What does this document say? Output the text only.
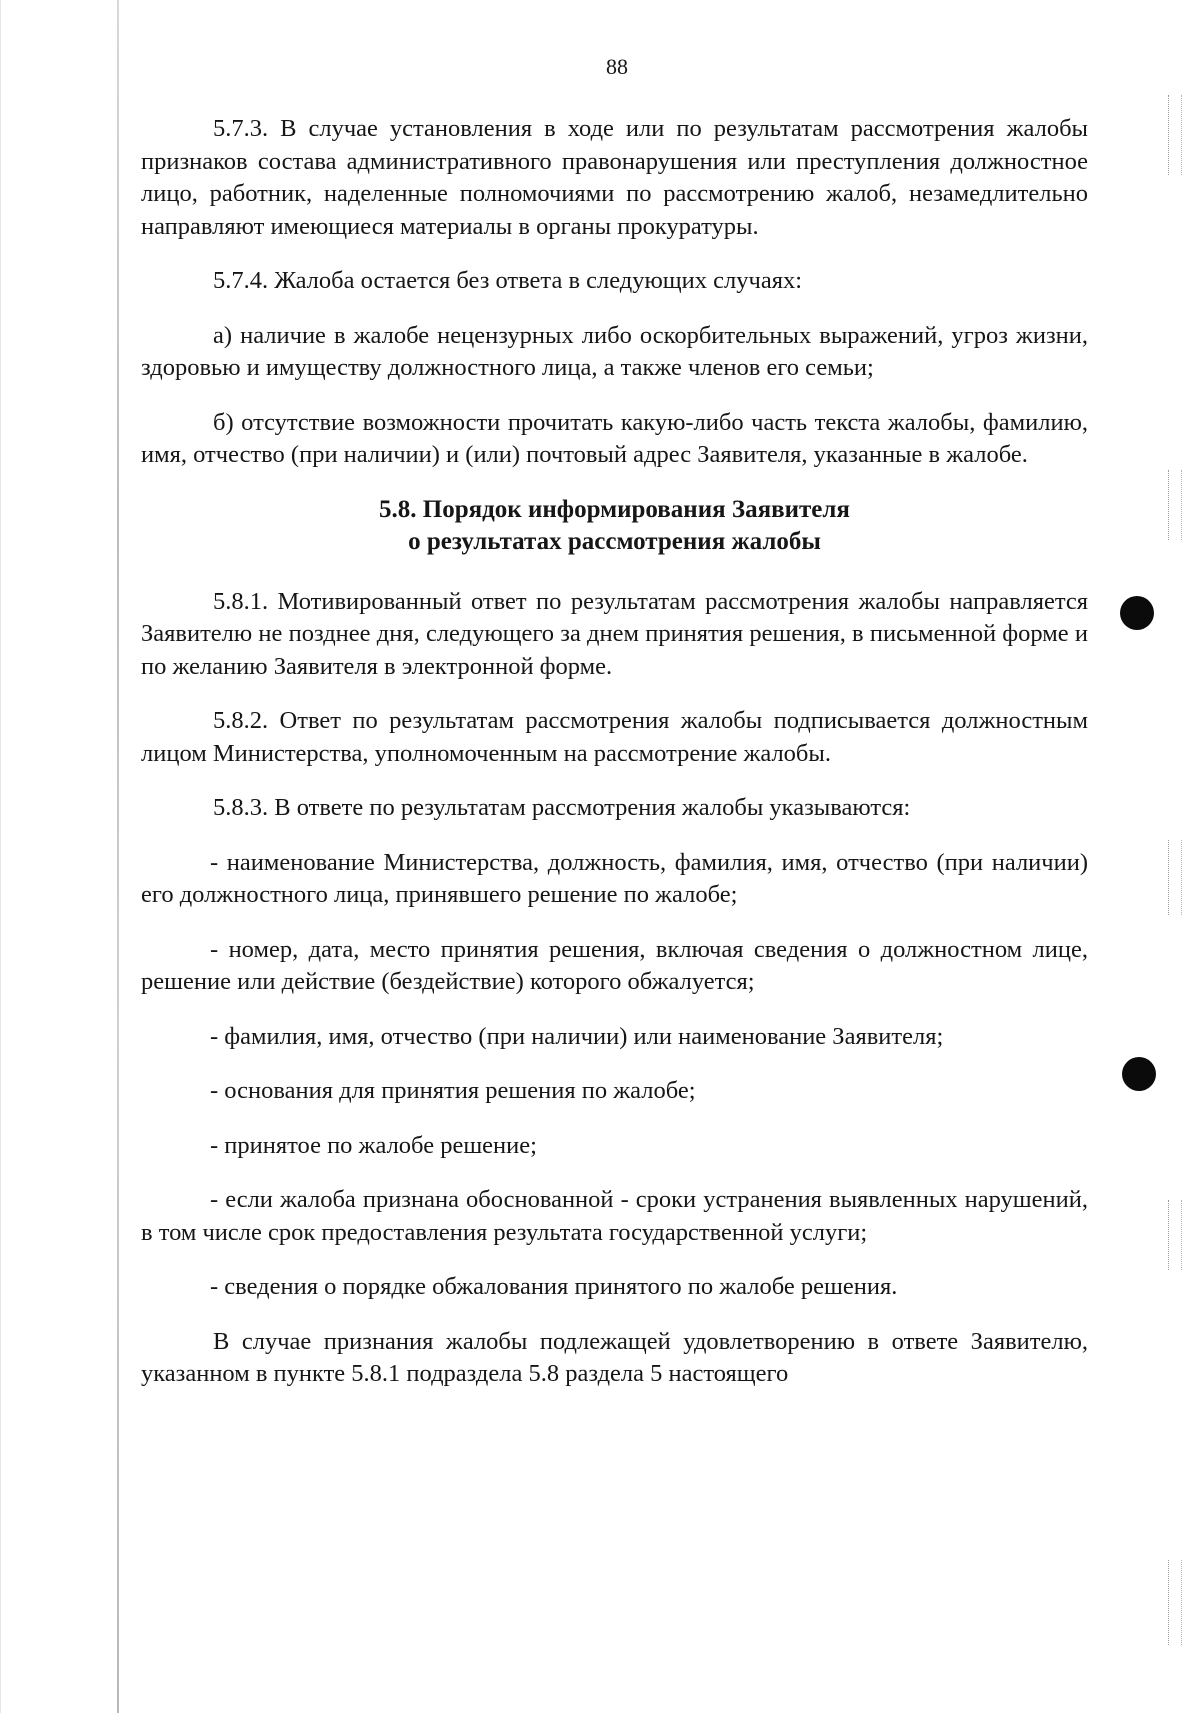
88

5.7.3. В случае установления в ходе или по результатам рассмотрения жалобы признаков состава административного правонарушения или преступления должностное лицо, работник, наделенные полномочиями по рассмотрению жалоб, незамедлительно направляют имеющиеся материалы в органы прокуратуры.

5.7.4. Жалоба остается без ответа в следующих случаях:

а) наличие в жалобе нецензурных либо оскорбительных выражений, угроз жизни, здоровью и имуществу должностного лица, а также членов его семьи;

б) отсутствие возможности прочитать какую-либо часть текста жалобы, фамилию, имя, отчество (при наличии) и (или) почтовый адрес Заявителя, указанные в жалобе.

5.8. Порядок информирования Заявителя
о результатах рассмотрения жалобы

5.8.1. Мотивированный ответ по результатам рассмотрения жалобы направляется Заявителю не позднее дня, следующего за днем принятия решения, в письменной форме и по желанию Заявителя в электронной форме.

5.8.2. Ответ по результатам рассмотрения жалобы подписывается должностным лицом Министерства, уполномоченным на рассмотрение жалобы.

5.8.3. В ответе по результатам рассмотрения жалобы указываются:

- наименование Министерства, должность, фамилия, имя, отчество (при наличии) его должностного лица, принявшего решение по жалобе;

- номер, дата, место принятия решения, включая сведения о должностном лице, решение или действие (бездействие) которого обжалуется;

- фамилия, имя, отчество (при наличии) или наименование Заявителя;

- основания для принятия решения по жалобе;

- принятое по жалобе решение;

- если жалоба признана обоснованной - сроки устранения выявленных нарушений, в том числе срок предоставления результата государственной услуги;

- сведения о порядке обжалования принятого по жалобе решения.

В случае признания жалобы подлежащей удовлетворению в ответе Заявителю, указанном в пункте 5.8.1 подраздела 5.8 раздела 5 настоящего
